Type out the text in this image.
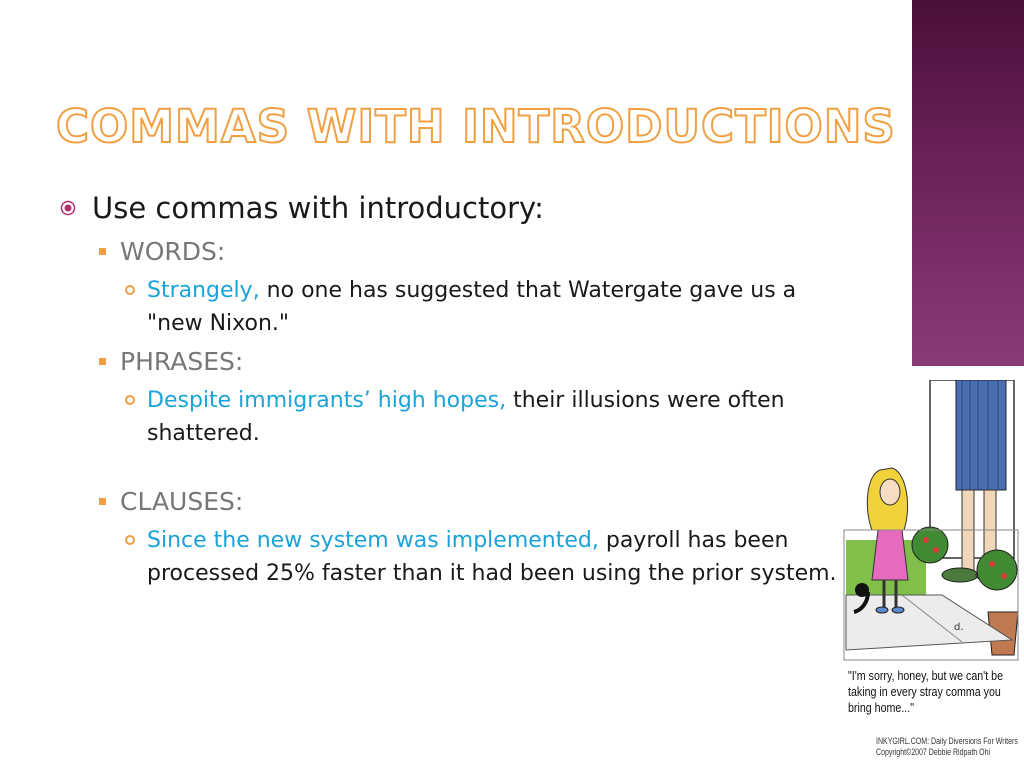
COMMAS WITH INTRODUCTIONS
Use commas with introductory:
WORDS:
Strangely, no one has suggested that Watergate gave us a "new Nixon."
PHRASES:
Despite immigrants’ high hopes, their illusions were often shattered.
CLAUSES:
Since the new system was implemented, payroll has been processed 25% faster than it had been using the prior system.
d.
"I'm sorry, honey, but we can't be taking in every stray comma you bring home..."
INKYGIRL.COM: Daily Diversions For Writers
Copyright©2007 Debbie Ridpath Ohi
